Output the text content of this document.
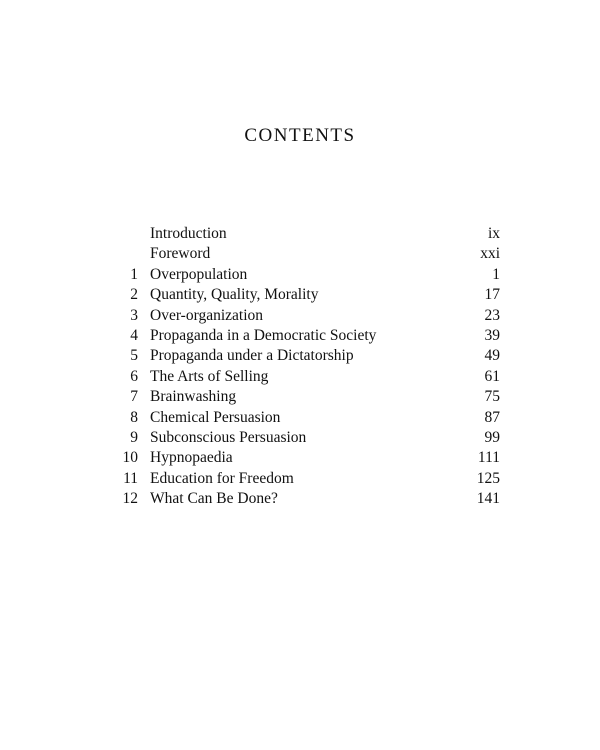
CONTENTS
Introduction	ix
Foreword	xxi
1 Overpopulation	1
2 Quantity, Quality, Morality	17
3 Over-organization	23
4 Propaganda in a Democratic Society	39
5 Propaganda under a Dictatorship	49
6 The Arts of Selling	61
7 Brainwashing	75
8 Chemical Persuasion	87
9 Subconscious Persuasion	99
10 Hypnopaedia	111
11 Education for Freedom	125
12 What Can Be Done?	141
